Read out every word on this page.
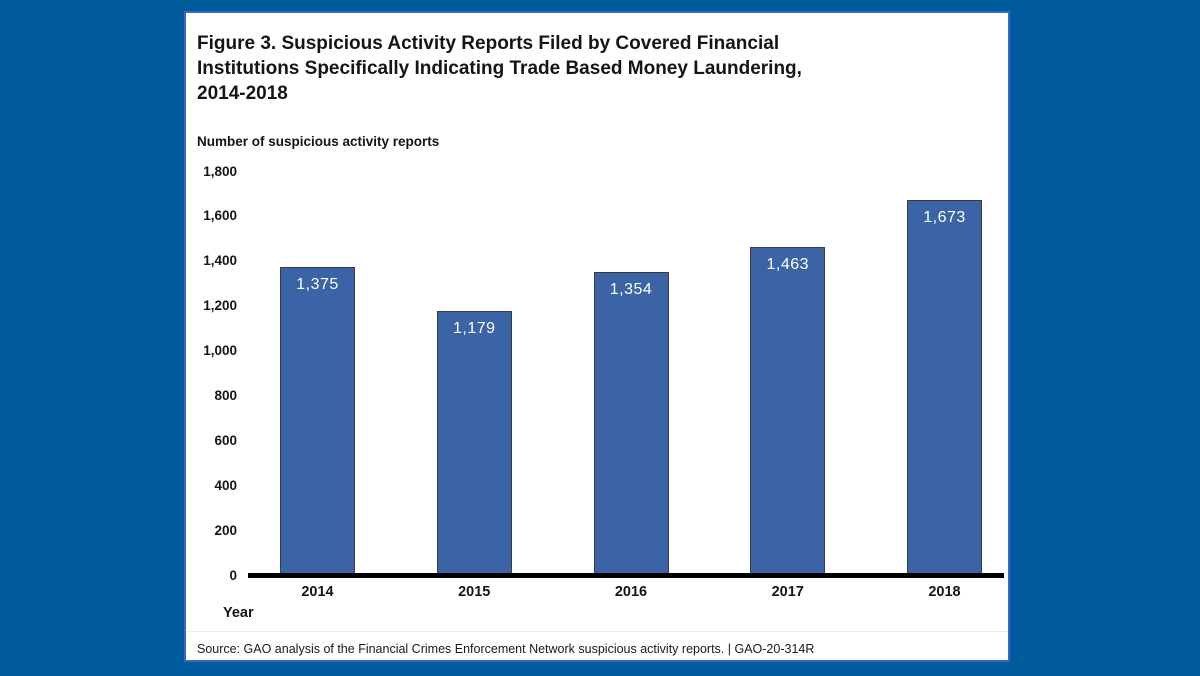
Figure 3. Suspicious Activity Reports Filed by Covered Financial
Institutions Specifically Indicating Trade Based Money Laundering,
2014-2018
Number of suspicious activity reports
Year
Source: GAO analysis of the Financial Crimes Enforcement Network suspicious activity reports. | GAO-20-314R
0
200
400
600
800
1,000
1,200
1,400
1,600
1,800
1,375
2014
1,179
2015
1,354
2016
1,463
2017
1,673
2018
